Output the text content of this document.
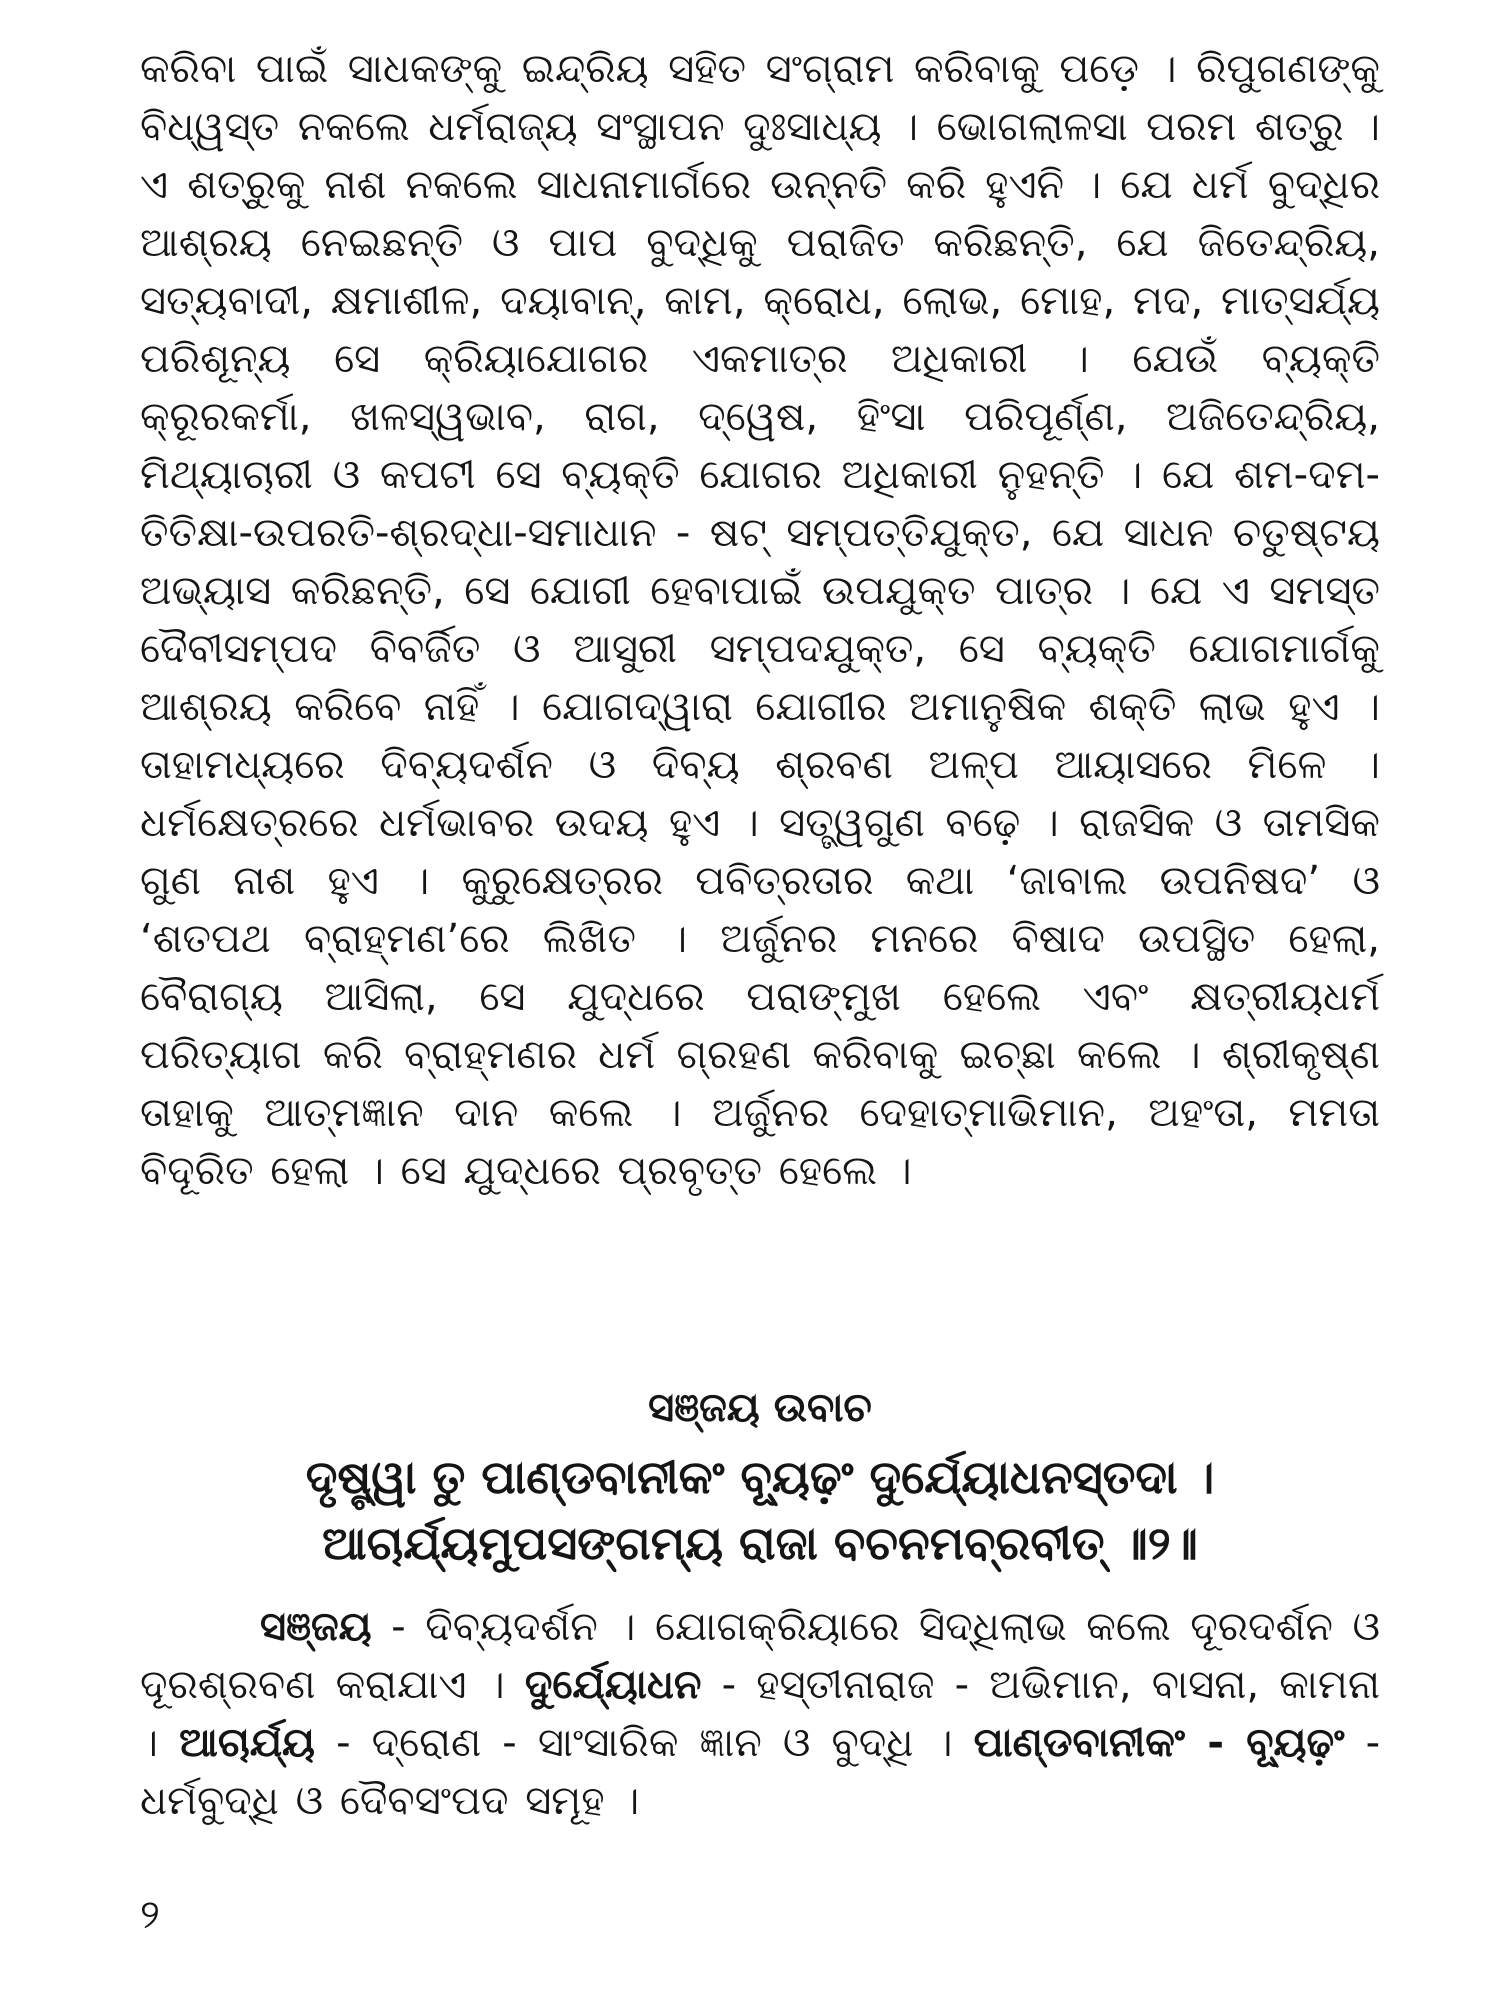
କରିବା ପାଇଁ ସାଧକଙ୍କୁ ଇନ୍ଦ୍ରିୟ ସହିତ ସଂଗ୍ରାମ କରିବାକୁ ପଡ଼େ । ରିପୁଗଣଙ୍କୁ ବିଧ୍ୱସ୍ତ ନକଲେ ଧର୍ମରାଜ୍ୟ ସଂସ୍ଥାପନ ଦୁଃସାଧ୍ୟ । ଭୋଗଲାଳସା ପରମ ଶତ୍ରୁ । ଏ ଶତ୍ରୁକୁ ନାଶ ନକଲେ ସାଧନାମାର୍ଗରେ ଉନ୍ନତି କରି ହୁଏନି । ଯେ ଧର୍ମ ବୁଦ୍ଧିର ଆଶ୍ରୟ ନେଇଛନ୍ତି ଓ ପାପ ବୁଦ୍ଧିକୁ ପରାଜିତ କରିଛନ୍ତି, ଯେ ଜିତେନ୍ଦ୍ରିୟ, ସତ୍ୟବାଦୀ, କ୍ଷମାଶୀଳ, ଦୟାବାନ୍, କାମ, କ୍ରୋଧ, ଲୋଭ, ମୋହ, ମଦ, ମାତ୍ସର୍ଯ୍ୟ ପରିଶୂନ୍ୟ ସେ କ୍ରିୟାଯୋଗର ଏକମାତ୍ର ଅଧିକାରୀ । ଯେଉଁ ବ୍ୟକ୍ତି କ୍ରୂରକର୍ମା, ଖଳସ୍ୱଭାବ, ରାଗ, ଦ୍ୱେଷ, ହିଂସା ପରିପୂର୍ଣ୍ଣ, ଅଜିତେନ୍ଦ୍ରିୟ, ମିଥ୍ୟାଚାରୀ ଓ କପଟୀ ସେ ବ୍ୟକ୍ତି ଯୋଗର ଅଧିକାରୀ ନୁହନ୍ତି । ଯେ ଶମ-ଦମ-ତିତିକ୍ଷା-ଉପରତି-ଶ୍ରଦ୍ଧା-ସମାଧାନ - ଷଟ୍ ସମ୍ପତ୍ତିଯୁକ୍ତ, ଯେ ସାଧନ ଚତୁଷ୍ଟୟ ଅଭ୍ୟାସ କରିଛନ୍ତି, ସେ ଯୋଗୀ ହେବାପାଇଁ ଉପଯୁକ୍ତ ପାତ୍ର । ଯେ ଏ ସମସ୍ତ ଦୈବୀସମ୍ପଦ ବିବର୍ଜିତ ଓ ଆସୁରୀ ସମ୍ପଦଯୁକ୍ତ, ସେ ବ୍ୟକ୍ତି ଯୋଗମାର୍ଗକୁ ଆଶ୍ରୟ କରିବେ ନାହିଁ । ଯୋଗଦ୍ୱାରା ଯୋଗୀର ଅମାନୁଷିକ ଶକ୍ତି ଲାଭ ହୁଏ । ତାହାମଧ୍ୟରେ ଦିବ୍ୟଦର୍ଶନ ଓ ଦିବ୍ୟ ଶ୍ରବଣ ଅଳ୍ପ ଆୟାସରେ ମିଳେ । ଧର୍ମକ୍ଷେତ୍ରରେ ଧର୍ମଭାବର ଉଦୟ ହୁଏ । ସତ୍ତ୍ୱଗୁଣ ବଢ଼େ । ରାଜସିକ ଓ ତାମସିକ ଗୁଣ ନାଶ ହୁଏ । କୁରୁକ୍ଷେତ୍ରର ପବିତ୍ରତାର କଥା ‘ଜାବାଲ ଉପନିଷଦ’ ଓ ‘ଶତପଥ ବ୍ରାହ୍ମଣ’ରେ ଲିଖିତ । ଅର୍ଜୁନର ମନରେ ବିଷାଦ ଉପସ୍ଥିତ ହେଲା, ବୈରାଗ୍ୟ ଆସିଲା, ସେ ଯୁଦ୍ଧରେ ପରାଙ୍ମୁଖ ହେଲେ ଏବଂ କ୍ଷତ୍ରୀୟଧର୍ମ ପରିତ୍ୟାଗ କରି ବ୍ରାହ୍ମଣର ଧର୍ମ ଗ୍ରହଣ କରିବାକୁ ଇଚ୍ଛା କଲେ । ଶ୍ରୀକୃଷ୍ଣ ତାହାକୁ ଆତ୍ମଜ୍ଞାନ ଦାନ କଲେ । ଅର୍ଜୁନର ଦେହାତ୍ମାଭିମାନ, ଅହଂତା, ମମତା ବିଦୂରିତ ହେଲା । ସେ ଯୁଦ୍ଧରେ ପ୍ରବୃତ୍ତ ହେଲେ ।

ସଞ୍ଜୟ ଉବାଚ
ଦୃଷ୍ଟ୍ୱା ତୁ ପାଣ୍ଡବାନୀକଂ ବ୍ୟୂଢ଼ଂ ଦୁର୍ଯ୍ୟୋଧନସ୍ତଦା ।
ଆଚାର୍ଯ୍ୟମୁପସଙ୍ଗମ୍ୟ ରାଜା ବଚନମବ୍ରବୀତ୍ ॥୨॥

ସଞ୍ଜୟ - ଦିବ୍ୟଦର୍ଶନ । ଯୋଗକ୍ରିୟାରେ ସିଦ୍ଧିଲାଭ କଲେ ଦୂରଦର୍ଶନ ଓ ଦୂରଶ୍ରବଣ କରାଯାଏ । ଦୁର୍ଯ୍ୟୋଧନ - ହସ୍ତୀନାରାଜ - ଅଭିମାନ, ବାସନା, କାମନା । ଆଚାର୍ଯ୍ୟ - ଦ୍ରୋଣ - ସାଂସାରିକ ଜ୍ଞାନ ଓ ବୁଦ୍ଧି । ପାଣ୍ଡବାନୀକଂ - ବ୍ୟୂଢ଼ଂ - ଧର୍ମବୁଦ୍ଧି ଓ ଦୈବସଂପଦ ସମୂହ ।

୨
